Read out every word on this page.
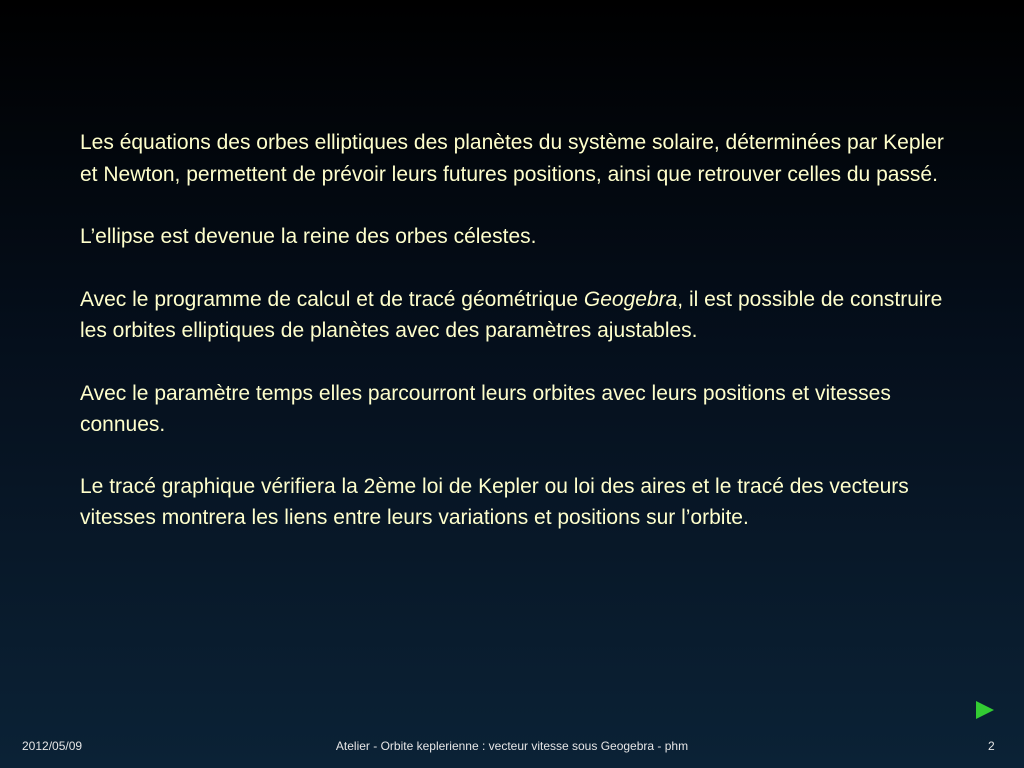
Les équations des orbes elliptiques des planètes du système solaire, déterminées par Kepler et Newton, permettent de prévoir leurs futures positions, ainsi que retrouver celles du passé.

L’ellipse est devenue la reine des orbes célestes.

Avec le programme de calcul et de tracé géométrique Geogebra, il est possible de construire les orbites elliptiques de planètes avec des paramètres ajustables.

Avec le paramètre temps elles parcourront leurs orbites avec leurs positions et vitesses connues.

Le tracé graphique vérifiera la 2ème loi de Kepler ou loi des aires et le tracé des vecteurs vitesses montrera les liens entre leurs variations et positions sur l’orbite.

2012/05/09	Atelier - Orbite keplerienne : vecteur vitesse sous Geogebra - phm	2
